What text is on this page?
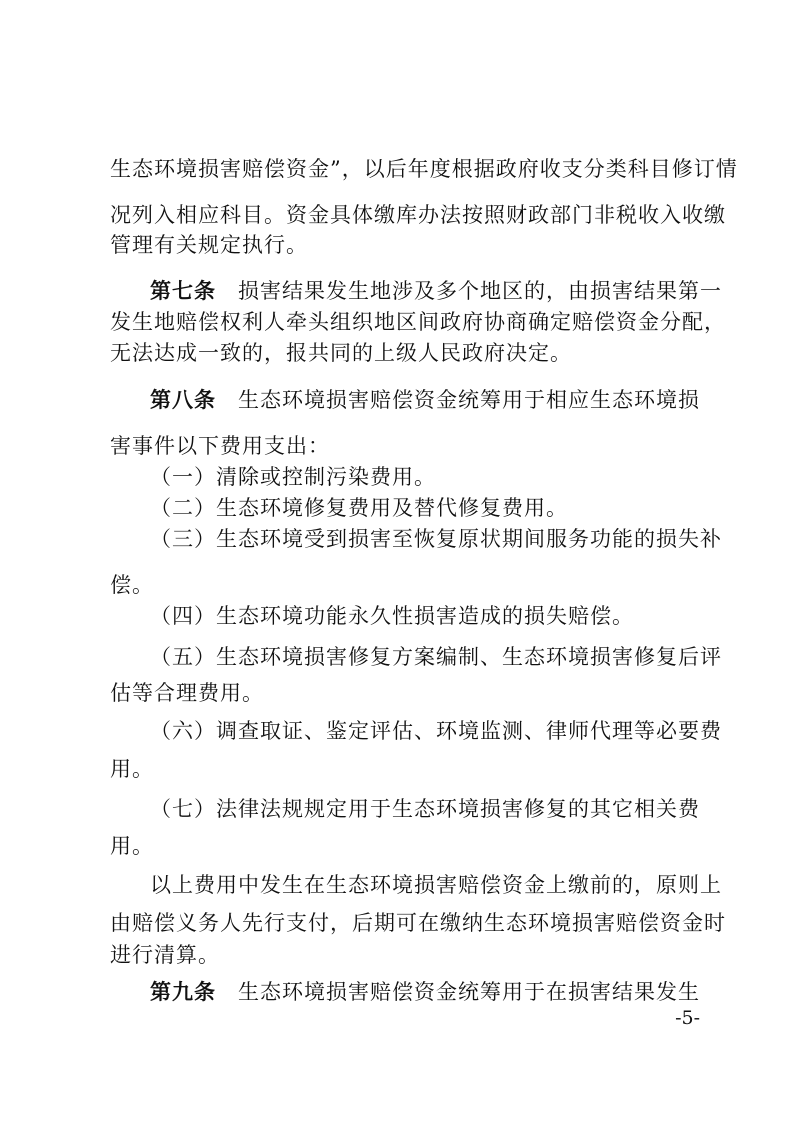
生态环境损害赔偿资金”，以后年度根据政府收支分类科目修订情
况列入相应科目。资金具体缴库办法按照财政部门非税收入收缴
管理有关规定执行。
第七条 损害结果发生地涉及多个地区的，由损害结果第一
发生地赔偿权利人牵头组织地区间政府协商确定赔偿资金分配，
无法达成一致的，报共同的上级人民政府决定。
第八条 生态环境损害赔偿资金统筹用于相应生态环境损
害事件以下费用支出：
（一）清除或控制污染费用。
（二）生态环境修复费用及替代修复费用。
（三）生态环境受到损害至恢复原状期间服务功能的损失补
偿。
（四）生态环境功能永久性损害造成的损失赔偿。
（五）生态环境损害修复方案编制、生态环境损害修复后评
估等合理费用。
（六）调查取证、鉴定评估、环境监测、律师代理等必要费
用。
（七）法律法规规定用于生态环境损害修复的其它相关费
用。
以上费用中发生在生态环境损害赔偿资金上缴前的，原则上
由赔偿义务人先行支付，后期可在缴纳生态环境损害赔偿资金时
进行清算。
第九条 生态环境损害赔偿资金统筹用于在损害结果发生
-5-
